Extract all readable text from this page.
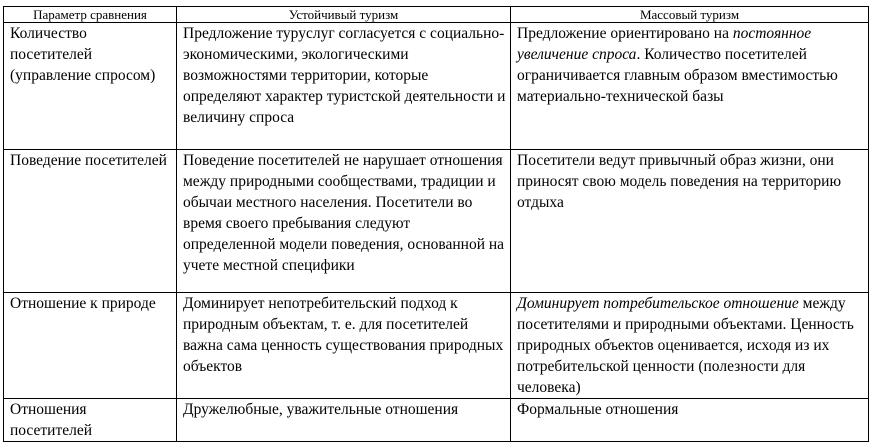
Параметр сравнения	Устойчивый туризм	Массовый туризм
Количество посетителей (управление спросом)	Предложение туруслуг согласуется с социально-экономическими, экологическими возможностями территории, которые определяют характер туристской деятельности и величину спроса	Предложение ориентировано на постоянное увеличение спроса. Количество посетителей ограничивается главным образом вместимостью материально-технической базы
Поведение посетителей	Поведение посетителей не нарушает отношения между природными сообществами, традиции и обычаи местного населения. Посетители во время своего пребывания следуют определенной модели поведения, основанной на учете местной специфики	Посетители ведут привычный образ жизни, они приносят свою модель поведения на территорию отдыха
Отношение к природе	Доминирует непотребительский подход к природным объектам, т. е. для посетителей важна сама ценность существования природных объектов	Доминирует потребительское отношение между посетителями и природными объектами. Ценность природных объектов оценивается, исходя из их потребительской ценности (полезности для человека)
Отношения посетителей	Дружелюбные, уважительные отношения	Формальные отношения
